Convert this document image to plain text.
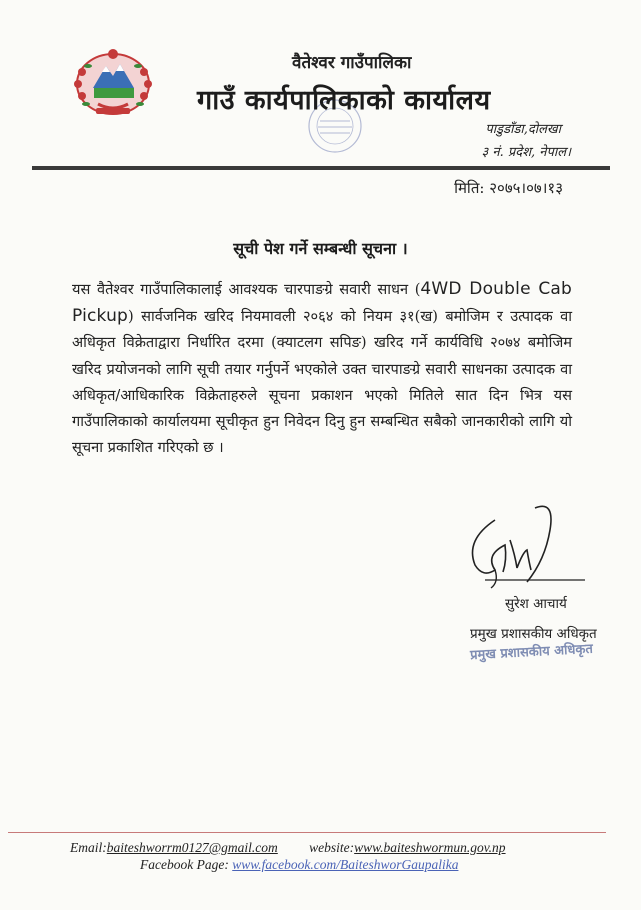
वैतेश्वर गाउँपालिका
गाउँ कार्यपालिकाको कार्यालय
पाडुडाँडा,दोलखा
३ नं. प्रदेश, नेपाल।
मिति: २०७५।०७।१३
सूची पेश गर्ने सम्बन्धी सूचना ।
यस वैतेश्वर गाउँपालिकालाई आवश्यक चारपाङग्रे सवारी साधन (4WD Double Cab Pickup) सार्वजनिक खरिद नियमावली २०६४ को नियम ३१(ख) बमोजिम र उत्पादक वा अधिकृत विक्रेताद्वारा निर्धारित दरमा (क्याटलग सपिङ) खरिद गर्ने कार्यविधि २०७४ बमोजिम खरिद प्रयोजनको लागि सूची तयार गर्नुपर्ने भएकोले उक्त चारपाङग्रे सवारी साधनका उत्पादक वा अधिकृत/आधिकारिक विक्रेताहरुले सूचना प्रकाशन भएको मितिले सात दिन भित्र यस गाउँपालिकाको कार्यालयमा सूचीकृत हुन निवेदन दिनु हुन सम्बन्धित सबैको जानकारीको लागि यो सूचना प्रकाशित गरिएको छ ।
सुरेश आचार्य
प्रमुख प्रशासकीय अधिकृत
प्रमुख प्रशासकीय अधिकृत
Email:baiteshworrm0127@gmail.com website:www.baiteshwormun.gov.np
Facebook Page: www.facebook.com/BaiteshworGaupalika
